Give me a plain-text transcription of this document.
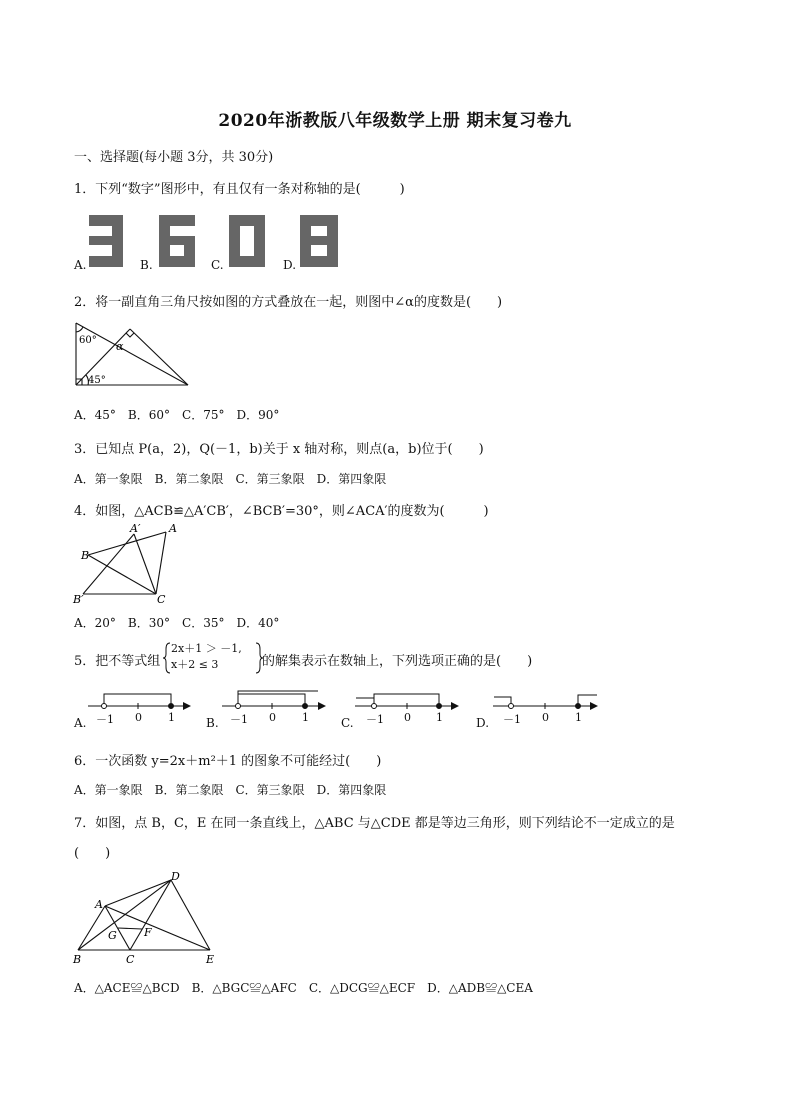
2020年浙教版八年级数学上册 期末复习卷九
一、选择题(每小题 3分，共 30分)
1．下列“数字”图形中，有且仅有一条对称轴的是(　　　)
A.	B.	C.	D.
2．将一副直角三角尺按如图的方式叠放在一起，则图中∠α的度数是(　　)
60°
45°
α
A．45°　B．60°　C．75°　D．90°
3．已知点 P(a，2)，Q(－1，b)关于 x 轴对称，则点(a，b)位于(　　)
A．第一象限　B．第二象限　C．第三象限　D．第四象限
4．如图，△ACB≌△A′CB′，∠BCB′=30°，则∠ACA′的度数为(　　　)
A
A′
B
B′	C
A．20°　B．30°　C．35°　D．40°
5．把不等式组
2x＋1 ＞ －1,
x＋2 ≤ 3	的解集表示在数轴上，下列选项正确的是(　　)
A.	B.	C.	D.
－1 0 1	－1 0 1	－1 0 1	－1 0 1
6．一次函数 y=2x＋m²＋1 的图象不可能经过(　　)
A．第一象限　B．第二象限　C．第三象限　D．第四象限
7．如图，点 B，C，E 在同一条直线上，△ABC 与△CDE 都是等边三角形，则下列结论不一定成立的是
(　　)
D
A
G F
B	C	E
A．△ACE≌△BCD　B．△BGC≌△AFC　C．△DCG≌△ECF　D．△ADB≌△CEA
